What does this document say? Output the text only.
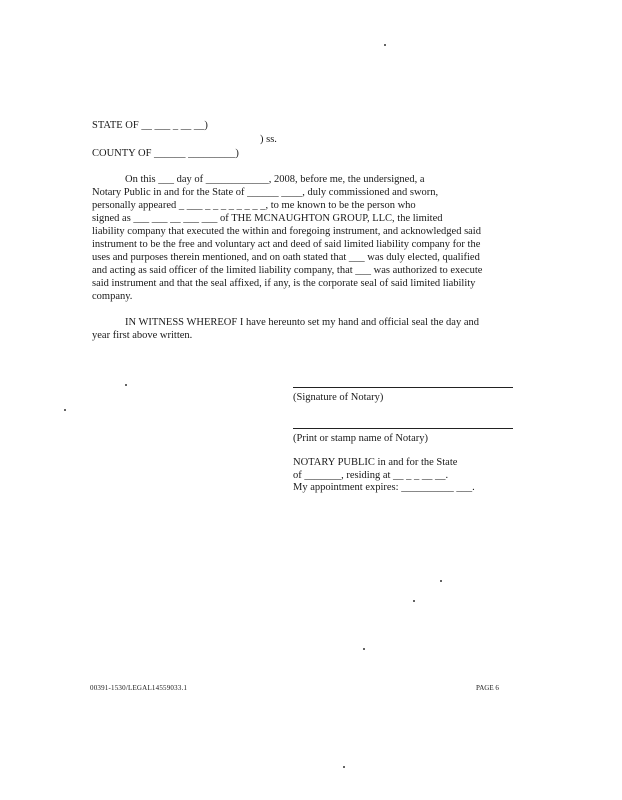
STATE OF __ ___ _ __ __)
) ss.
COUNTY OF ______ _________)
On this ___ day of ____________, 2008, before me, the undersigned, a
Notary Public in and for the State of ______ ____, duly commissioned and sworn,
personally appeared _ ___ _ _ _ _ _ _ _ _, to me known to be the person who
signed as ___ ___ __ ___ ___ of THE MCNAUGHTON GROUP, LLC, the limited
liability company that executed the within and foregoing instrument, and acknowledged said
instrument to be the free and voluntary act and deed of said limited liability company for the
uses and purposes therein mentioned, and on oath stated that ___ was duly elected, qualified
and acting as said officer of the limited liability company, that ___ was authorized to execute
said instrument and that the seal affixed, if any, is the corporate seal of said limited liability
company.
IN WITNESS WHEREOF I have hereunto set my hand and official seal the day and
year first above written.
(Signature of Notary)
(Print or stamp name of Notary)
NOTARY PUBLIC in and for the State
of _______, residing at __ _ _ __ __.
My appointment expires: __________ ___.
00391-1530/LEGAL14559033.1	PAGE 6
